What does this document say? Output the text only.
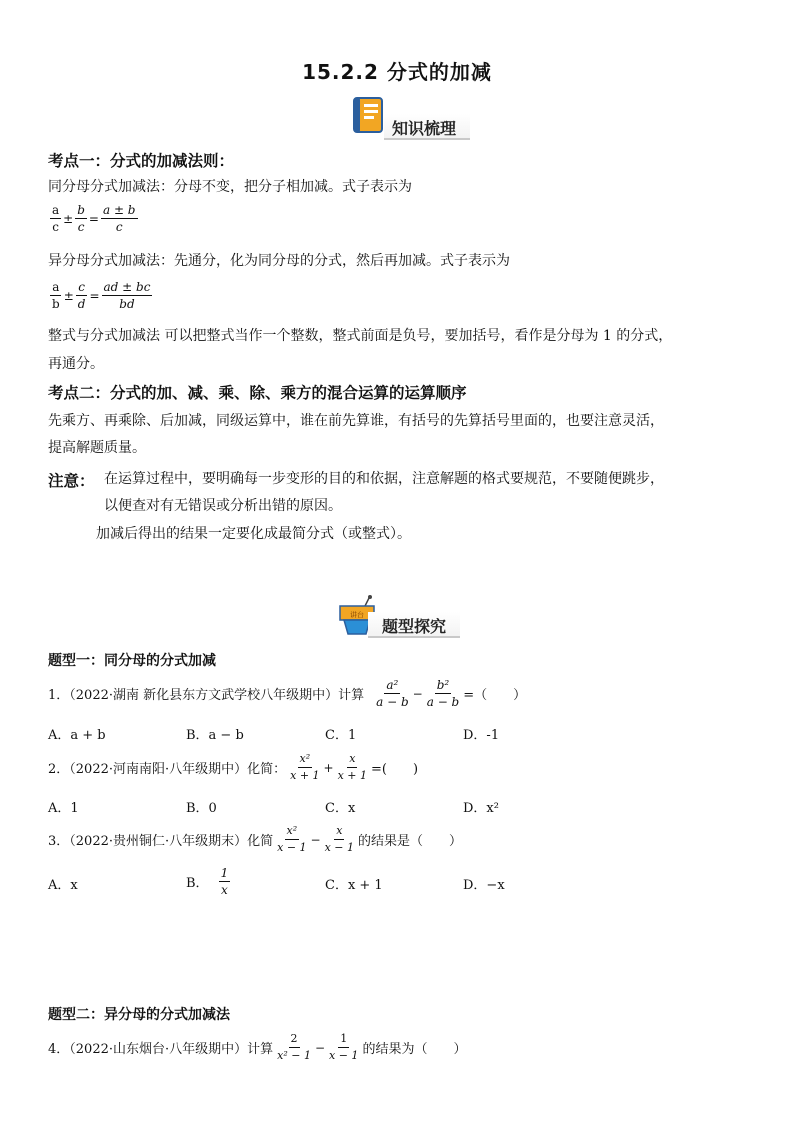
15.2.2 分式的加减
知识梳理
考点一：分式的加减法则：
同分母分式加减法：分母不变，把分子相加减。式子表示为
$\frac{a}{c} \pm \frac{b}{c} = \frac{a \pm b}{c}$
异分母分式加减法：先通分，化为同分母的分式，然后再加减。式子表示为
$\frac{a}{b} \pm \frac{c}{d} = \frac{ad \pm bc}{bd}$
整式与分式加减法 可以把整式当作一个整数，整式前面是负号，要加括号，看作是分母为 1 的分式，
再通分。
考点二：分式的加、减、乘、除、乘方的混合运算的运算顺序
先乘方、再乘除、后加减，同级运算中，谁在前先算谁，有括号的先算括号里面的，也要注意灵活，
提高解题质量。
注意： 在运算过程中，要明确每一步变形的目的和依据，注意解题的格式要规范，不要随便跳步，
以便查对有无错误或分析出错的原因。
加减后得出的结果一定要化成最简分式（或整式）。
讲台
题型探究
题型一：同分母的分式加减
1．（2022·湖南 新化县东方文武学校八年级期中）计算 $\frac{\text{a²}}{a - b} - \frac{\text{b²}}{a - b}$ =（　　）
A．a + b	B．a − b	C．1	D．-1
2．（2022·河南南阳·八年级期中）化简： $\frac{\text{x²}}{x + 1} + \frac{x}{x + 1}$ =(　　)
A．1	B．0	C．x	D．x²
3．（2022·贵州铜仁·八年级期末）化简 $\frac{\text{x²}}{x - 1} - \frac{x}{x - 1}$ 的结果是（　　）
A．x	B． $\frac{1}{x}$	C．x + 1	D．−x
题型二：异分母的分式加减法
4．（2022·山东烟台·八年级期中）计算 $\frac{2}{\text{x² − 1}} - \frac{1}{x - 1}$ 的结果为（　　）
